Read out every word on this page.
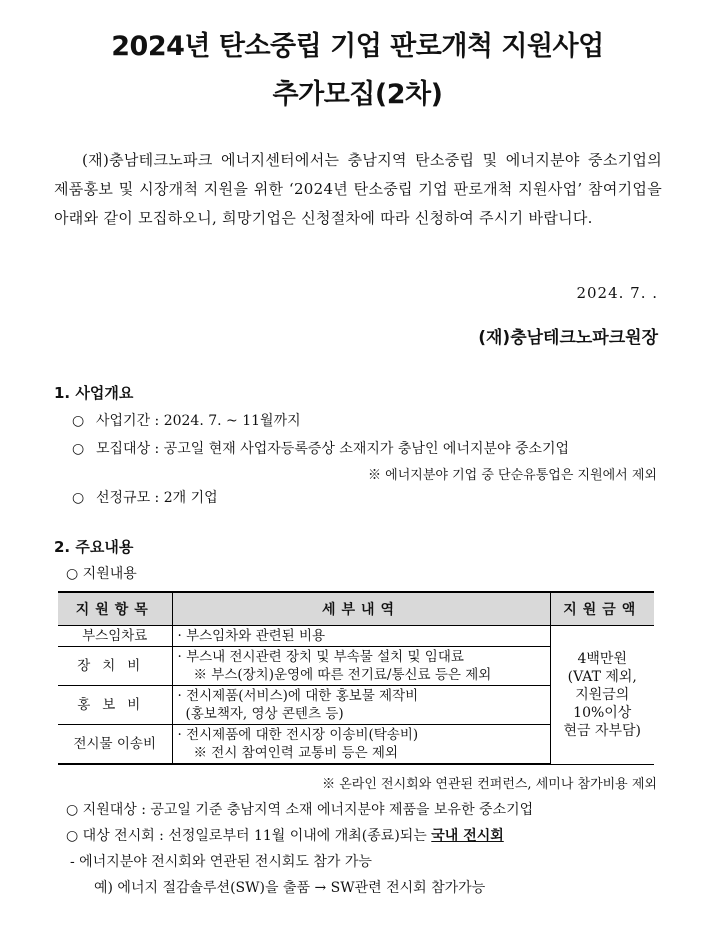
2024년 탄소중립 기업 판로개척 지원사업
추가모집(2차)
(재)충남테크노파크 에너지센터에서는 충남지역 탄소중립 및 에너지분야 중소기업의 제품홍보 및 시장개척 지원을 위한 ‘2024년 탄소중립 기업 판로개척 지원사업’ 참여기업을 아래와 같이 모집하오니, 희망기업은 신청절차에 따라 신청하여 주시기 바랍니다.
2024. 7. .
(재)충남테크노파크원장
1. 사업개요
○ 사업기간 : 2024. 7. ~ 11월까지
○ 모집대상 : 공고일 현재 사업자등록증상 소재지가 충남인 에너지분야 중소기업
※ 에너지분야 기업 중 단순유통업은 지원에서 제외
○ 선정규모 : 2개 기업
2. 주요내용
○ 지원내용
지원항목	세부내역	지원금액
부스임차료	· 부스임차와 관련된 비용	4백만원
(VAT 제외,
지원금의
10%이상
현금 자부담)

장치비	· 부스내 전시관련 장치 및 부속물 설치 및 임대료
※ 부스(장치)운영에 따른 전기료/통신료 등은 제외	

홍보비	· 전시제품(서비스)에 대한 홍보물 제작비
(홍보책자, 영상 콘텐츠 등)	

전시물 이송비	· 전시제품에 대한 전시장 이송비(탁송비)
※ 전시 참여인력 교통비 등은 제외	
※ 온라인 전시회와 연관된 컨퍼런스, 세미나 참가비용 제외
○ 지원대상 : 공고일 기준 충남지역 소재 에너지분야 제품을 보유한 중소기업
○ 대상 전시회 : 선정일로부터 11월 이내에 개최(종료)되는 국내 전시회
- 에너지분야 전시회와 연관된 전시회도 참가 가능
예) 에너지 절감솔루션(SW)을 출품 → SW관련 전시회 참가가능
